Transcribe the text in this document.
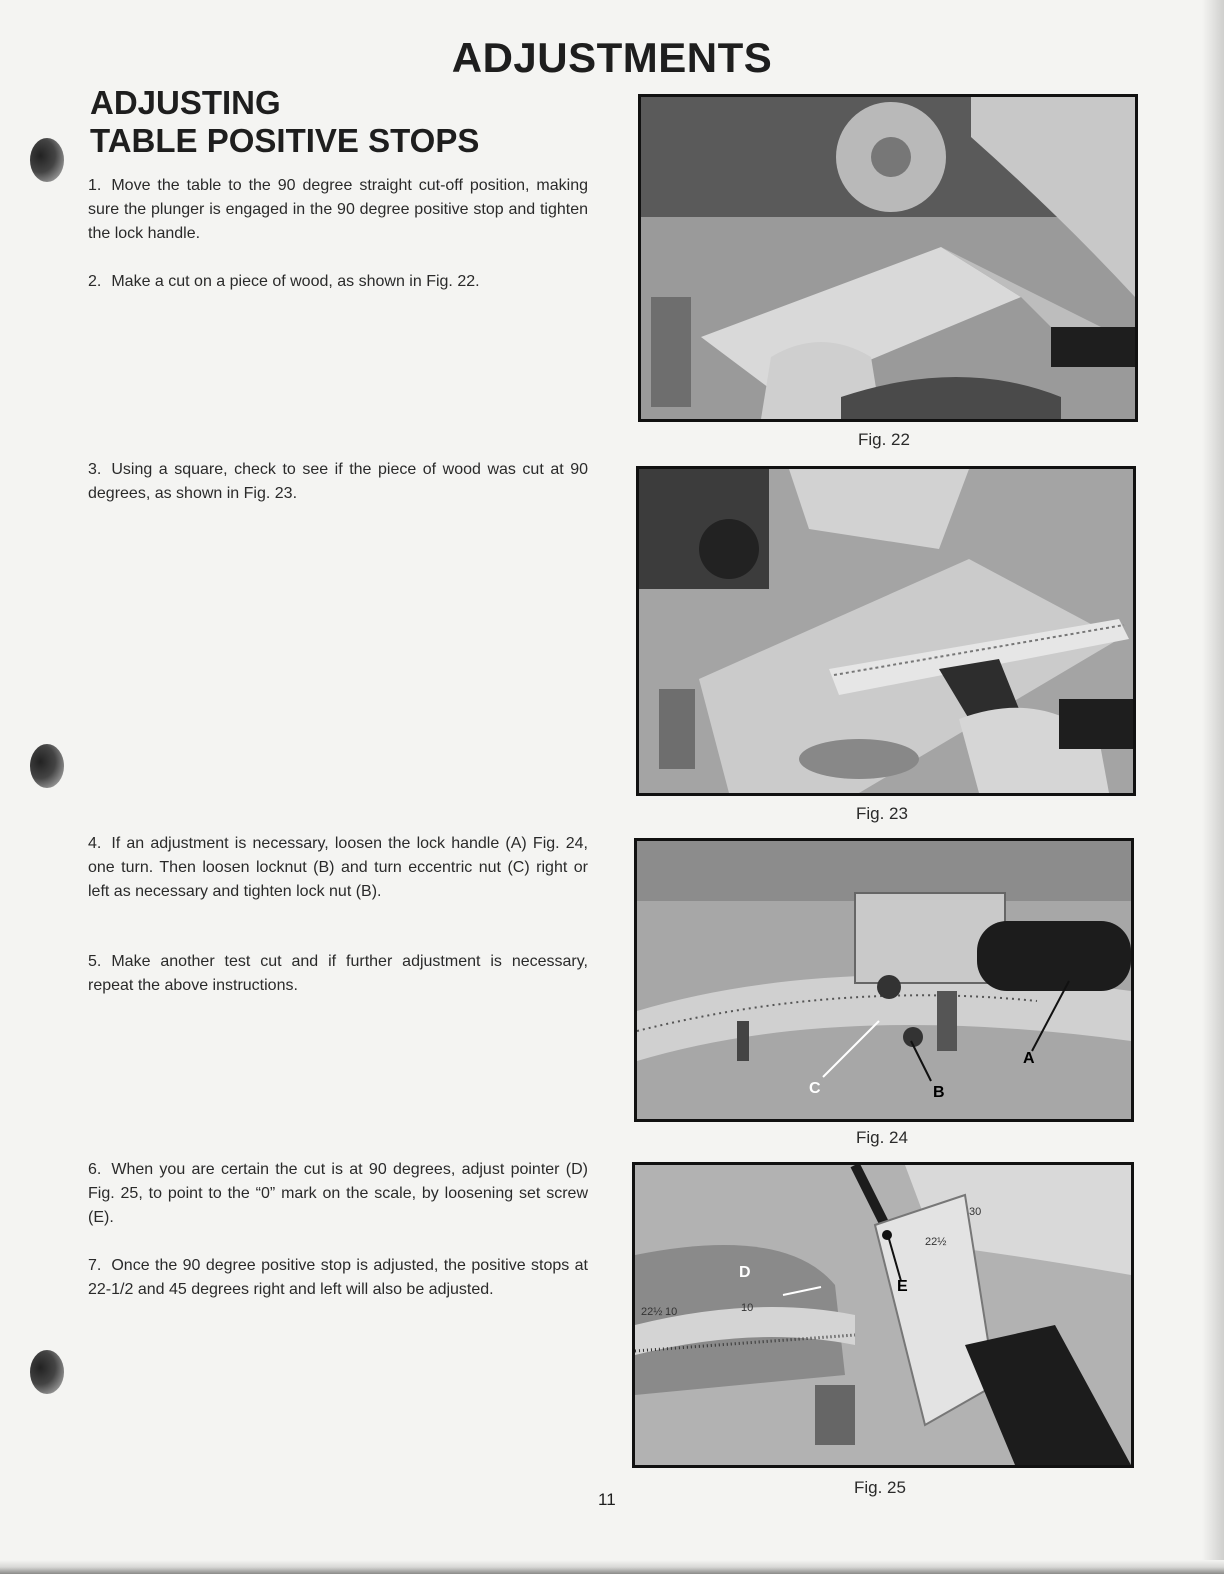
ADJUSTMENTS
ADJUSTING
TABLE POSITIVE STOPS

1. Move the table to the 90 degree straight cut-off position, making sure the plunger is engaged in the 90 degree positive stop and tighten the lock handle.

2. Make a cut on a piece of wood, as shown in Fig. 22.

3. Using a square, check to see if the piece of wood was cut at 90 degrees, as shown in Fig. 23.

4. If an adjustment is necessary, loosen the lock handle (A) Fig. 24, one turn. Then loosen locknut (B) and turn eccentric nut (C) right or left as necessary and tighten lock nut (B).

5. Make another test cut and if further adjustment is necessary, repeat the above instructions.

6. When you are certain the cut is at 90 degrees, adjust pointer (D) Fig. 25, to point to the “0” mark on the scale, by loosening set screw (E).

7. Once the 90 degree positive stop is adjusted, the positive stops at 22-1/2 and 45 degrees right and left will also be adjusted.

Fig. 22

Fig. 23

A
B
C

Fig. 24

D
E
22½ 10	10
22½
30

Fig. 25

11
